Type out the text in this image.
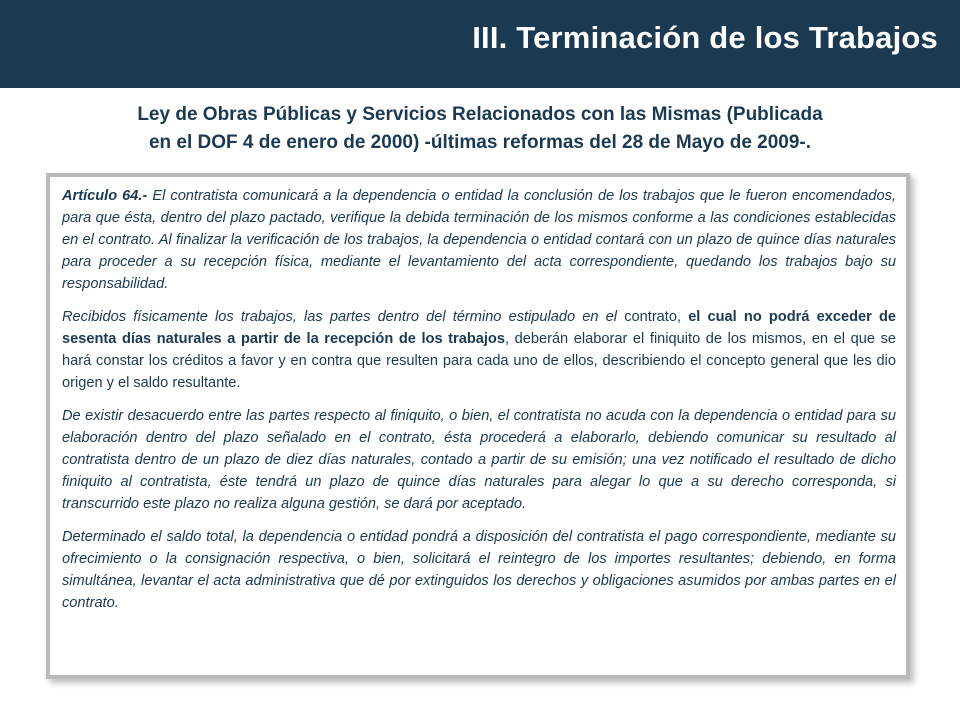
III. Terminación de los Trabajos
Ley de Obras Públicas y Servicios Relacionados con las Mismas (Publicada
en el DOF 4 de enero de 2000) -últimas reformas del 28 de Mayo de 2009-.

Artículo 64.- El contratista comunicará a la dependencia o entidad la conclusión de los trabajos que le fueron encomendados, para que ésta, dentro del plazo pactado, verifique la debida terminación de los mismos conforme a las condiciones establecidas en el contrato. Al finalizar la verificación de los trabajos, la dependencia o entidad contará con un plazo de quince días naturales para proceder a su recepción física, mediante el levantamiento del acta correspondiente, quedando los trabajos bajo su responsabilidad.

Recibidos físicamente los trabajos, las partes dentro del término estipulado en el contrato, el cual no podrá exceder de sesenta días naturales a partir de la recepción de los trabajos, deberán elaborar el finiquito de los mismos, en el que se hará constar los créditos a favor y en contra que resulten para cada uno de ellos, describiendo el concepto general que les dio origen y el saldo resultante.

De existir desacuerdo entre las partes respecto al finiquito, o bien, el contratista no acuda con la dependencia o entidad para su elaboración dentro del plazo señalado en el contrato, ésta procederá a elaborarlo, debiendo comunicar su resultado al contratista dentro de un plazo de diez días naturales, contado a partir de su emisión; una vez notificado el resultado de dicho finiquito al contratista, éste tendrá un plazo de quince días naturales para alegar lo que a su derecho corresponda, si transcurrido este plazo no realiza alguna gestión, se dará por aceptado.

Determinado el saldo total, la dependencia o entidad pondrá a disposición del contratista el pago correspondiente, mediante su ofrecimiento o la consignación respectiva, o bien, solicitará el reintegro de los importes resultantes; debiendo, en forma simultánea, levantar el acta administrativa que dé por extinguidos los derechos y obligaciones asumidos por ambas partes en el contrato.
